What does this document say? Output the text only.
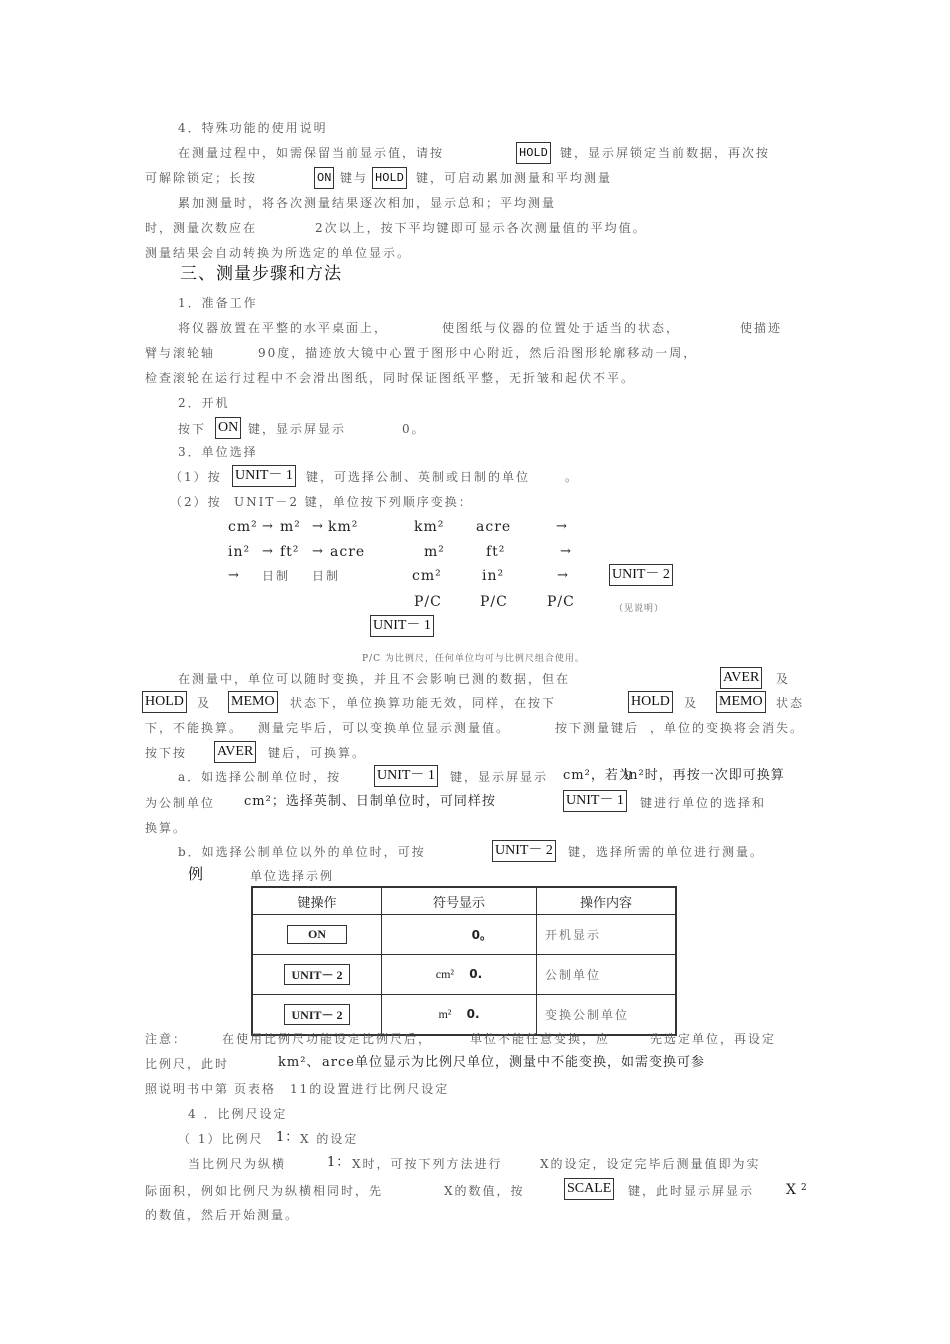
4．特殊功能的使用说明
在测量过程中，如需保留当前显示值，请按	HOLD 键，显示屏锁定当前数据，再次按
可解除锁定；长按	ON 键与 HOLD 键，可启动累加测量和平均测量
累加测量时，将各次测量结果逐次相加，显示总和；平均测量
时，测量次数应在	2次以上，按下平均键即可显示各次测量值的平均值。
测量结果会自动转换为所选定的单位显示。
三、测量步骤和方法
1．准备工作
将仪器放置在平整的水平桌面上，	使图纸与仪器的位置处于适当的状态，	使描迹
臂与滚轮轴	90度，描迹放大镜中心置于图形中心附近，然后沿图形轮廓移动一周，
检查滚轮在运行过程中不会滑出图纸，同时保证图纸平整，无折皱和起伏不平。
2．开机
按下 ON 键，显示屏显示	0。
3．单位选择
（1）按 UNIT－ 1 键，可选择公制、英制或日制的单位	。
（2）按 UNIT－2 键，单位按下列顺序变换：
cm² → m² → km²	km² acre	→
in² → ft² → acre	m²	ft²	→
→ 日制 日制	cm²	in²	→	UNIT－ 2
P/C	P/C	P/C	（见说明）
UNIT－ 1
P/C 为比例尺，任何单位均可与比例尺组合使用。
在测量中，单位可以随时变换，并且不会影响已测的数据，但在	AVER 及
HOLD 及 MEMO 状态下，单位换算功能无效，同样，在按下	HOLD 及 MEMO 状态
下，不能换算。 测量完毕后，可以变换单位显示测量值。	按下测量键后 ，单位的变换将会消失。
按下按 AVER 键后，可换算。
a．如选择公制单位时，按	UNIT－ 1 键，显示屏显示 cm²，若为
in²时，再按一次即可换算
为公制单位 cm²；选择英制、日制单位时，可同样按	UNIT－ 1 键进行单位的选择和
换算。
b．如选择公制单位以外的单位时，可按	UNIT－ 2 键，选择所需的单位进行测量。
例	单位选择示例
键操作	符号显示	操作内容
ON	0。	开机显示
UNIT－ 2	cm² 0.	公制单位
UNIT－ 2	m² 0.	变换公制单位
注意：	在使用比例尺功能设定比例尺后，	单位不能任意变换，应	先选定单位，再设定
比例尺，此时	km²、 arce单位显示为比例尺单位，测量中不能变换，如需变换可参
照说明书中第 页表格 11的设置进行比例尺设定
4 ．比例尺设定
（ 1）比例尺 1： X 的设定
当比例尺为纵横	1： X时，可按下列方法进行	X的设定，设定完毕后测量值即为实
际面积，例如比例尺为纵横相同时，先	X的数值，按	SCALE 键，此时显示屏显示 X 2
的数值，然后开始测量。
